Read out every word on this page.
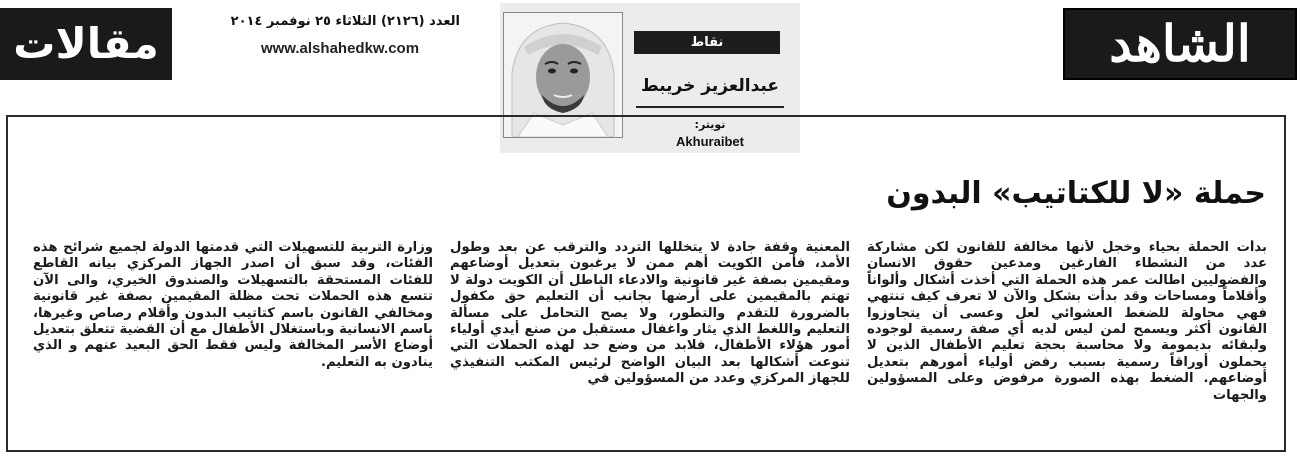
الشاهد
مقالات	العدد (٢١٢٦) الثلاثاء ٢٥ نوفمبر ٢٠١٤
www.alshahedkw.com	نقاط
عبدالعزيز خريبط
تويتر:
Akhuraibet
حملة «لا للكتاتيب» البدون

بدأت الحملة بحياء وخجل لأنها مخالفة للقانون لكن مشاركة عدد من النشطاء الفارغين ومدعين حقوق الانسان والفضوليين اطالت عمر هذه الحملة التي أخذت أشكال وألواناً وأقلاماً ومساحات وقد بدأت بشكل والآن لا تعرف كيف تنتهي فهي محاولة للضغط العشوائي لعل وعسى أن يتجاوزوا القانون أكثر ويسمح لمن ليس لديه أي صفة رسمية لوجوده ولبقائه بديمومة ولا محاسبة بحجة تعليم الأطفال الذين لا يحملون أوراقاً رسمية بسبب رفض أولياء أمورهم بتعديل أوضاعهم. الضغط بهذه الصورة مرفوض وعلى المسؤولين والجهات

المعنية وقفة جادة لا يتخللها التردد والترقب عن بعد وطول الأمد، فأمن الكويت أهم ممن لا يرغبون بتعديل أوضاعهم ومقيمين بصفة غير قانونية والادعاء الباطل أن الكويت دولة لا تهتم بالمقيمين على أرضها بجانب أن التعليم حق مكفول بالضرورة للتقدم والتطور، ولا يصح التحامل على مسألة التعليم واللغط الذي يثار واغفال مستقبل من صنع أيدي أولياء أمور هؤلاء الأطفال، فلابد من وضع حد لهذه الحملات التي تنوعت أشكالها بعد البيان الواضح لرئيس المكتب التنفيذي للجهاز المركزي وعدد من المسؤولين في

وزارة التربية للتسهيلات التي قدمتها الدولة لجميع شرائح هذه الفئات، وقد سبق أن اصدر الجهاز المركزي بيانه القاطع للفئات المستحقة بالتسهيلات والصندوق الخيري، والى الآن تتسع هذه الحملات تحت مظلة المقيمين بصفة غير قانونية ومخالفي القانون باسم كتاتيب البدون وأقلام رصاص وغيرها، باسم الانسانية وباستغلال الأطفال مع أن القضية تتعلق بتعديل أوضاع الأسر المخالفة وليس فقط الحق البعيد عنهم و الذي ينادون به التعليم.
